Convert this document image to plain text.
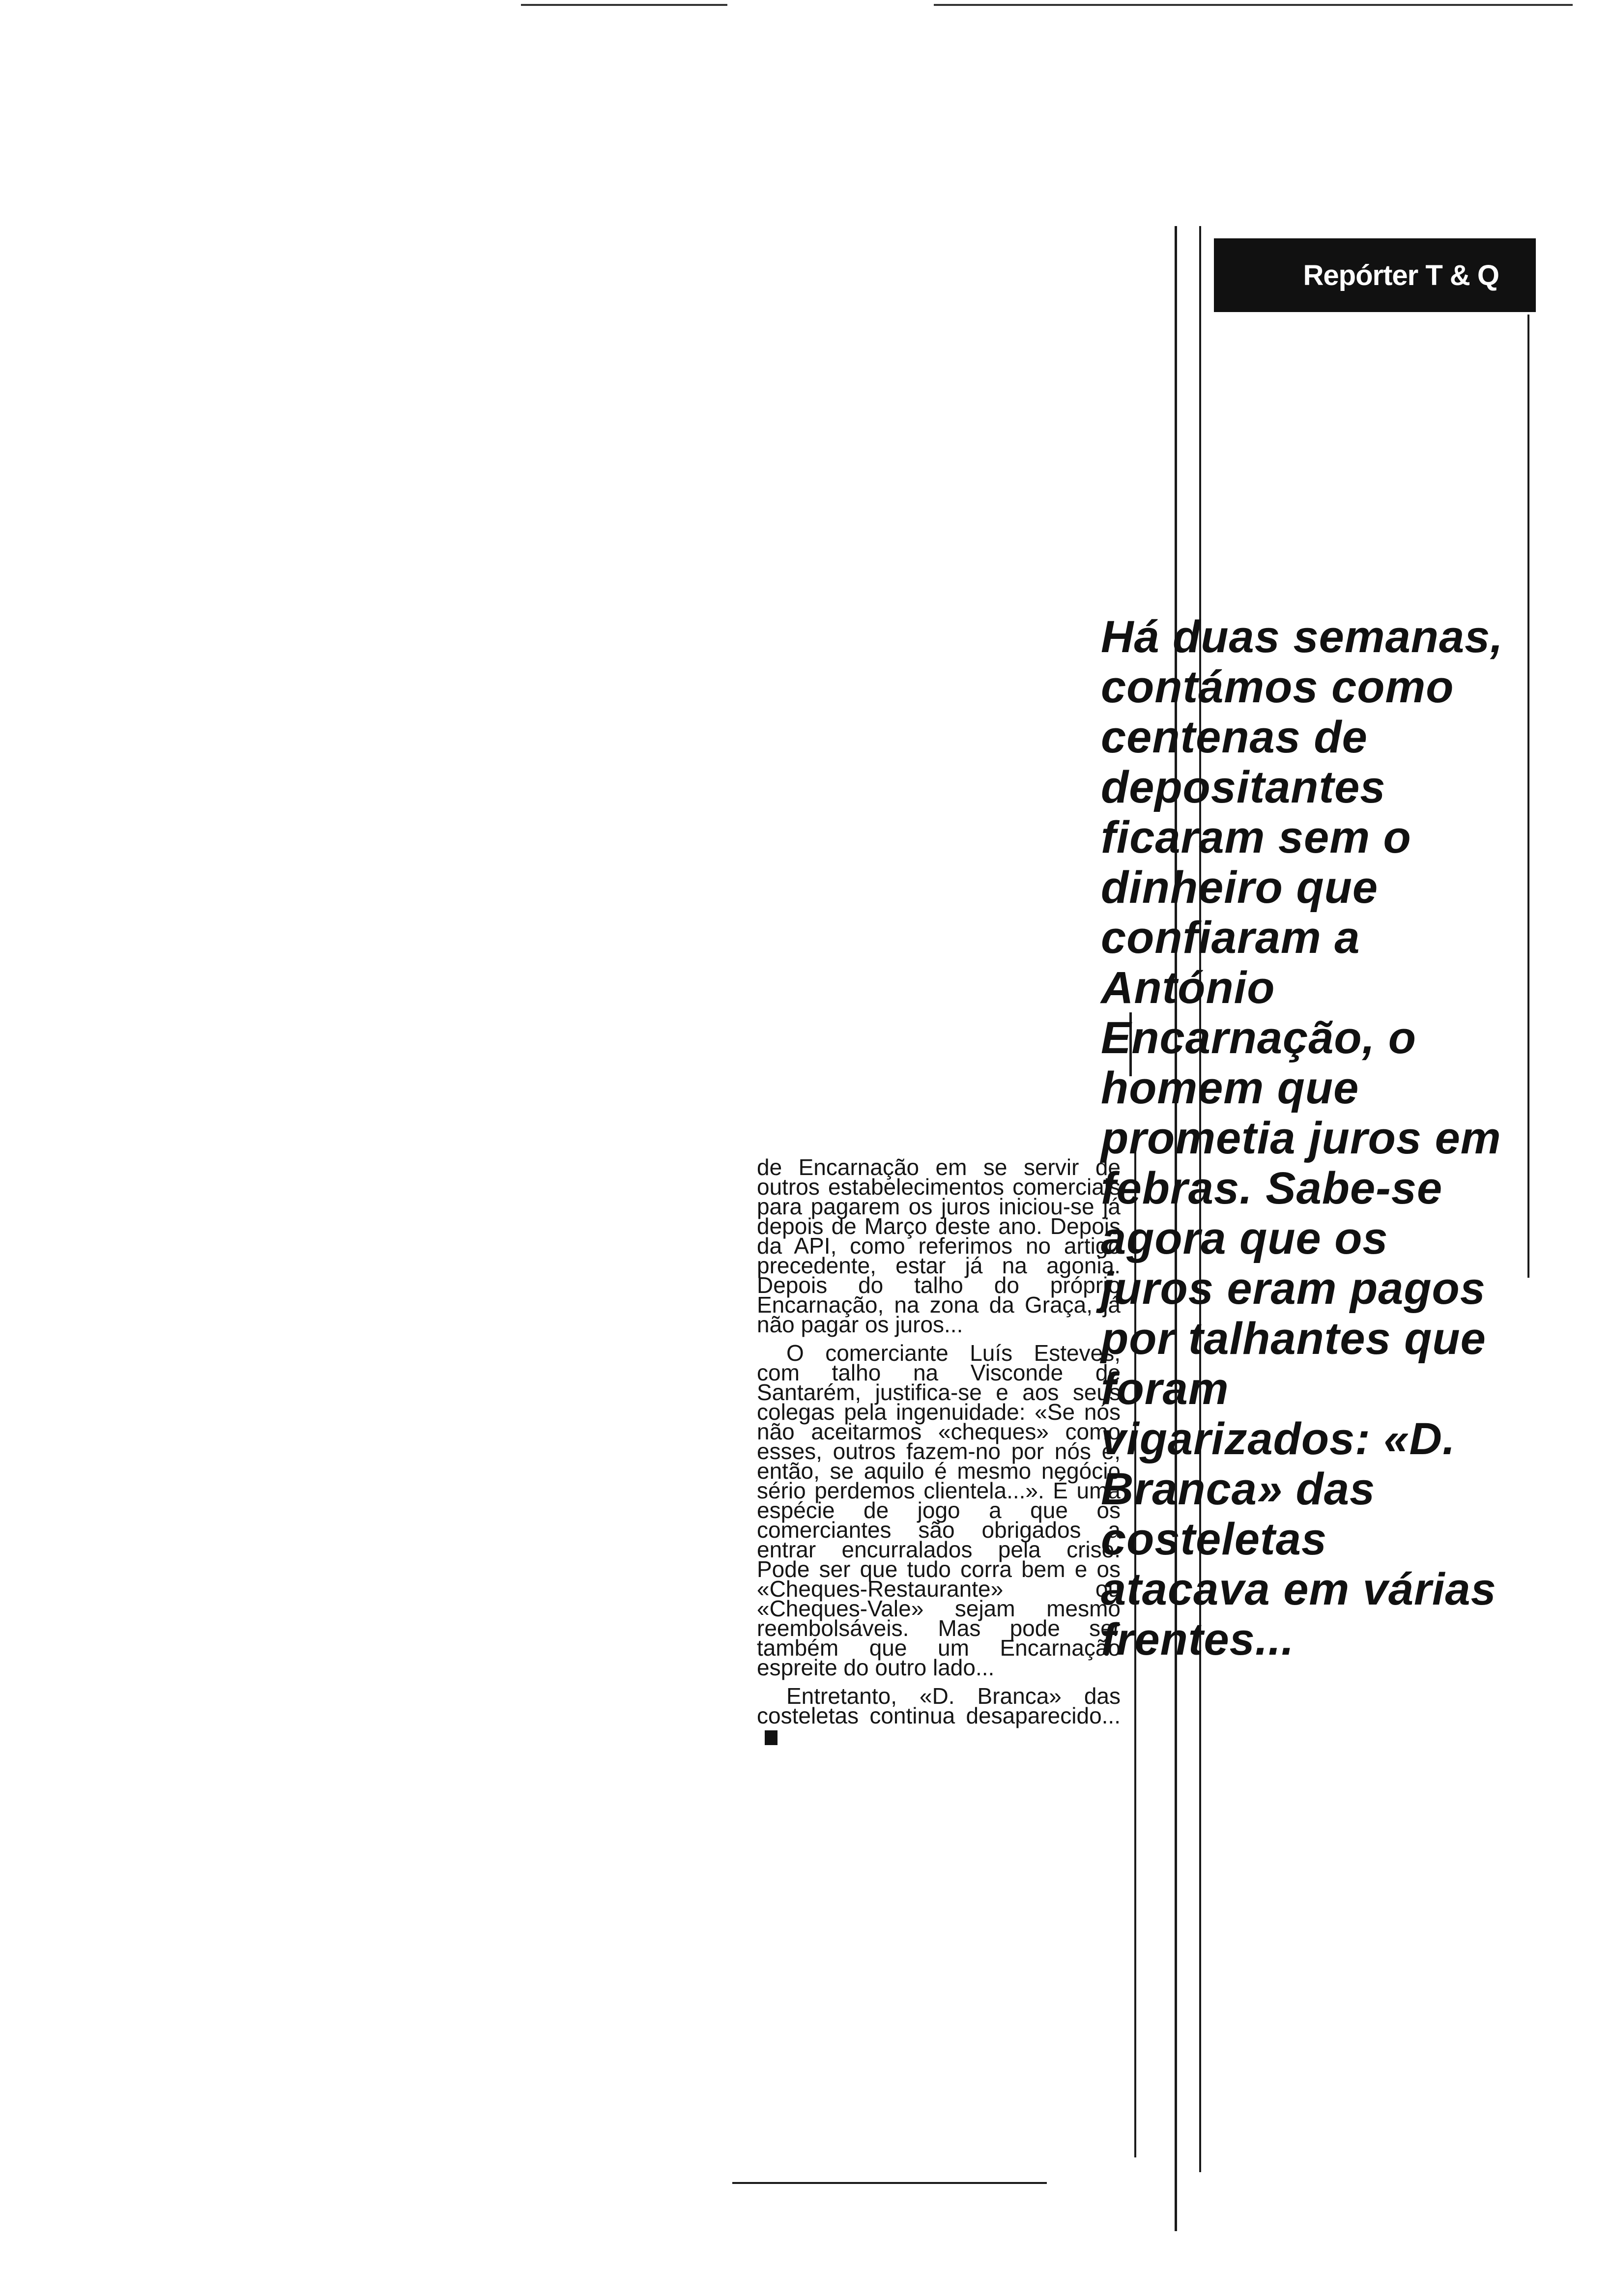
Repórter T & Q

de Encarnação em se servir de outros estabelecimentos comerciais para pagarem os juros iniciou-se já depois de Março deste ano. Depois da API, como referimos no artigo precedente, estar já na agonia. Depois do talho do próprio Encarnação, na zona da Graça, já não pagar os juros...

O comerciante Luís Esteves, com talho na Visconde de Santarém, justifica-se e aos seus colegas pela ingenuidade: «Se nós não aceitarmos «cheques» como esses, outros fazem-no por nós e, então, se aquilo é mesmo negócio sério perdemos clientela...». É uma espécie de jogo a que os comerciantes são obrigados a entrar encurralados pela crise. Pode ser que tudo corra bem e os «Cheques-Restaurante» ou «Cheques-Vale» sejam mesmo reembolsáveis. Mas pode ser também que um Encarnação espreite do outro lado...

Entretanto, «D. Branca» das costeletas continua desaparecido...

Há duas semanas, contámos como centenas de depositantes ficaram sem o dinheiro que confiaram a António Encarnação, o homem que prometia juros em febras. Sabe-se agora que os juros eram pagos por talhantes que foram vigarizados: «D. Branca» das costeletas atacava em várias frentes...
